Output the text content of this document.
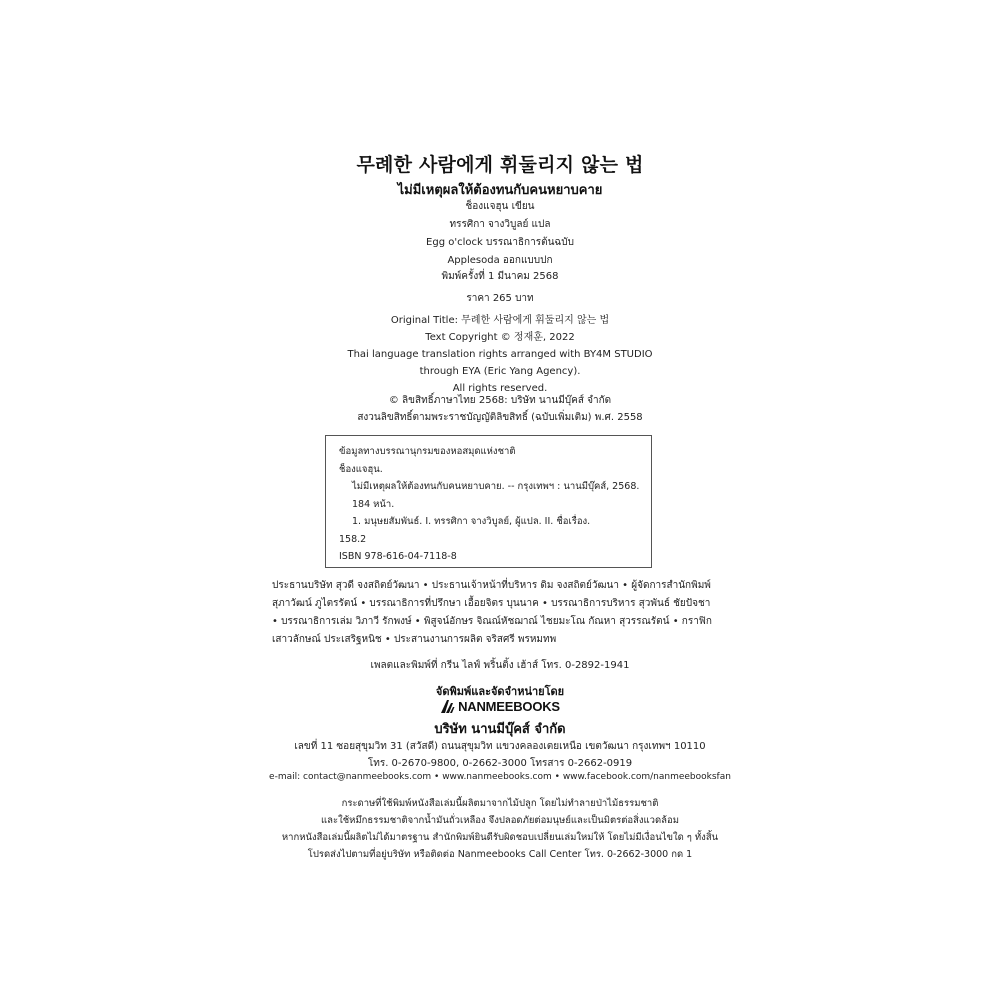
무례한 사람에게 휘둘리지 않는 법
ไม่มีเหตุผลให้ต้องทนกับคนหยาบคาย
ช็องแจฮุน เขียน
ทรรศิกา จางวิบูลย์ แปล
Egg o'clock บรรณาธิการต้นฉบับ
Applesoda ออกแบบปก
พิมพ์ครั้งที่ 1 มีนาคม 2568
ราคา 265 บาท
Original Title: 무례한 사람에게 휘둘리지 않는 법
Text Copyright © 정재훈, 2022
Thai language translation rights arranged with BY4M STUDIO
through EYA (Eric Yang Agency).
All rights reserved.
© ลิขสิทธิ์ภาษาไทย 2568: บริษัท นานมีบุ๊คส์ จำกัด
สงวนลิขสิทธิ์ตามพระราชบัญญัติลิขสิทธิ์ (ฉบับเพิ่มเติม) พ.ศ. 2558
ข้อมูลทางบรรณานุกรมของหอสมุดแห่งชาติ
ช็องแจฮุน.
ไม่มีเหตุผลให้ต้องทนกับคนหยาบคาย. -- กรุงเทพฯ : นานมีบุ๊คส์, 2568.
184 หน้า.
1. มนุษยสัมพันธ์. I. ทรรศิกา จางวิบูลย์, ผู้แปล. II. ชื่อเรื่อง.
158.2
ISBN 978-616-04-7118-8
ประธานบริษัท สุวดี จงสถิตย์วัฒนา • ประธานเจ้าหน้าที่บริหาร ดิม จงสถิตย์วัฒนา • ผู้จัดการสำนักพิมพ์
สุภาวัฒน์ ภูไตรรัตน์ • บรรณาธิการที่ปรึกษา เอื้อยจิตร บุนนาค • บรรณาธิการบริหาร สุวพันธ์ ชัยปัจชา
• บรรณาธิการเล่ม วิภาวี รักพงษ์ • พิสูจน์อักษร จิณณ์หัชฌาณ์ ไชยมะโณ กัณหา สุวรรณรัตน์ • กราฟิก
เสาวลักษณ์ ประเสริฐหนิช • ประสานงานการผลิต จริสศรี พรหมทพ
เพลตและพิมพ์ที่ กรีน ไลฟ์ พริ้นติ้ง เฮ้าส์ โทร. 0-2892-1941
จัดพิมพ์และจัดจำหน่ายโดย
NANMEEBOOKS
บริษัท นานมีบุ๊คส์ จำกัด
เลขที่ 11 ซอยสุขุมวิท 31 (สวัสดี) ถนนสุขุมวิท แขวงคลองเตยเหนือ เขตวัฒนา กรุงเทพฯ 10110
โทร. 0-2670-9800, 0-2662-3000 โทรสาร 0-2662-0919
e-mail: contact@nanmeebooks.com • www.nanmeebooks.com • www.facebook.com/nanmeebooksfan
กระดาษที่ใช้พิมพ์หนังสือเล่มนี้ผลิตมาจากไม้ปลูก โดยไม่ทำลายป่าไม้ธรรมชาติ
และใช้หมึกธรรมชาติจากน้ำมันถั่วเหลือง จึงปลอดภัยต่อมนุษย์และเป็นมิตรต่อสิ่งแวดล้อม
หากหนังสือเล่มนี้ผลิตไม่ได้มาตรฐาน สำนักพิมพ์ยินดีรับผิดชอบเปลี่ยนเล่มใหม่ให้ โดยไม่มีเงื่อนไขใด ๆ ทั้งสิ้น
โปรดส่งไปตามที่อยู่บริษัท หรือติดต่อ Nanmeebooks Call Center โทร. 0-2662-3000 กด 1
